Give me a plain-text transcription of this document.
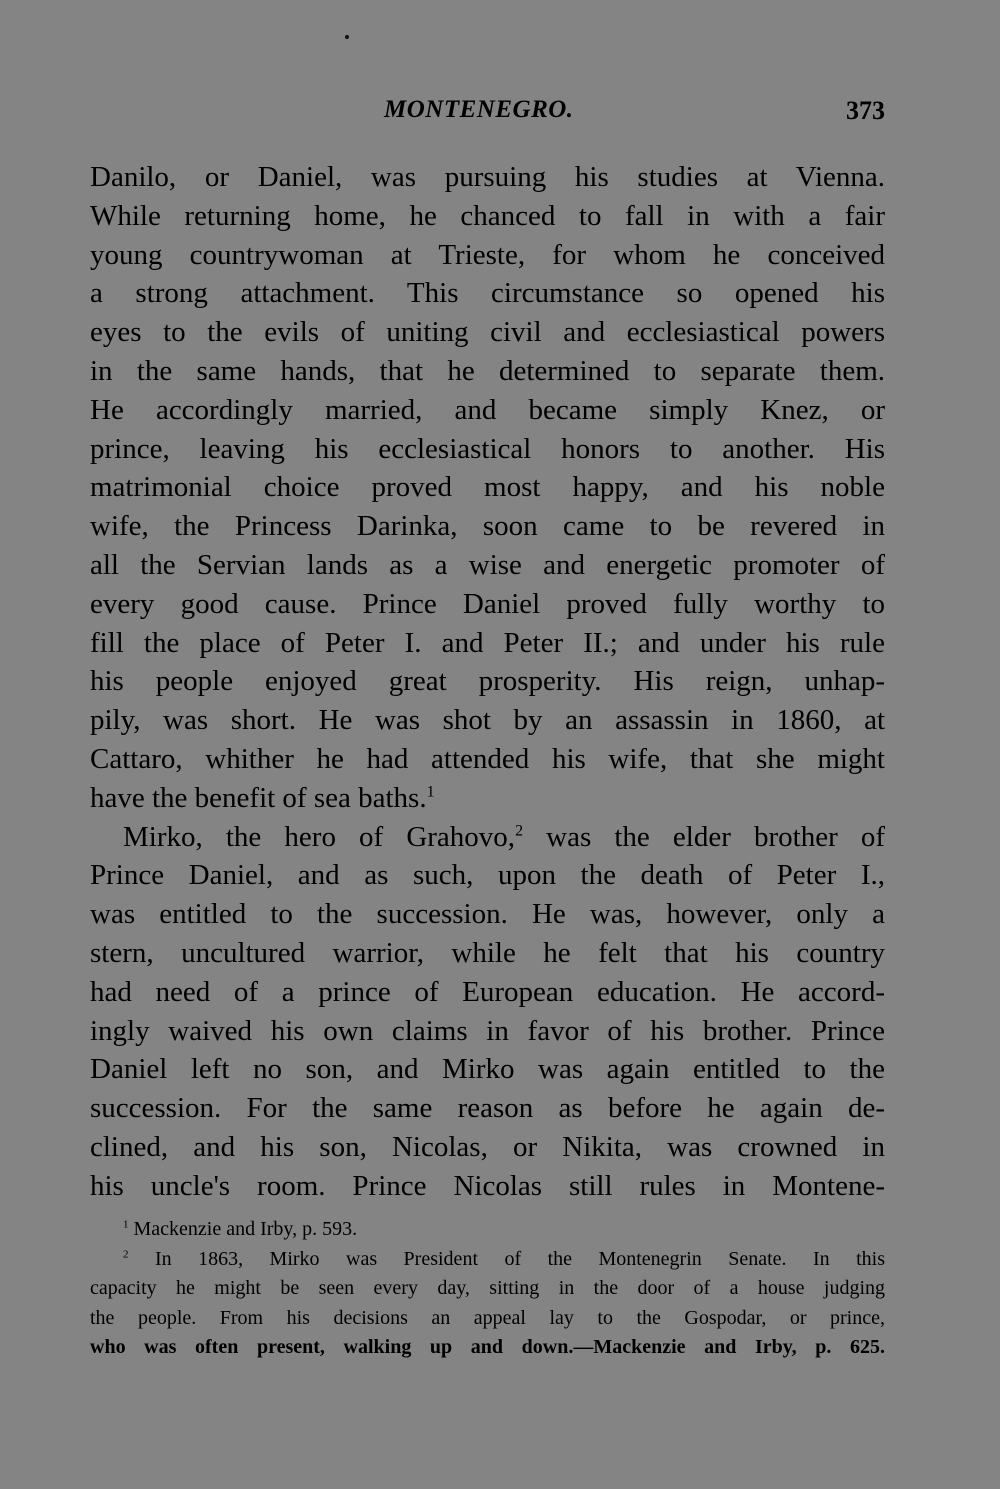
MONTENEGRO.	373
Danilo, or Daniel, was pursuing his studies at Vienna.
While returning home, he chanced to fall in with a fair
young countrywoman at Trieste, for whom he conceived
a strong attachment. This circumstance so opened his
eyes to the evils of uniting civil and ecclesiastical powers
in the same hands, that he determined to separate them.
He accordingly married, and became simply Knez, or
prince, leaving his ecclesiastical honors to another. His
matrimonial choice proved most happy, and his noble
wife, the Princess Darinka, soon came to be revered in
all the Servian lands as a wise and energetic promoter of
every good cause. Prince Daniel proved fully worthy to
fill the place of Peter I. and Peter II.; and under his rule
his people enjoyed great prosperity. His reign, unhap-
pily, was short. He was shot by an assassin in 1860, at
Cattaro, whither he had attended his wife, that she might
have the benefit of sea baths.$^1$
Mirko, the hero of Grahovo,$^2$ was the elder brother of
Prince Daniel, and as such, upon the death of Peter I.,
was entitled to the succession. He was, however, only a
stern, uncultured warrior, while he felt that his country
had need of a prince of European education. He accord-
ingly waived his own claims in favor of his brother. Prince
Daniel left no son, and Mirko was again entitled to the
succession. For the same reason as before he again de-
clined, and his son, Nicolas, or Nikita, was crowned in
his uncle's room. Prince Nicolas still rules in Montene-
$^1$ Mackenzie and Irby, p. 593.
$^2$ In 1863, Mirko was President of the Montenegrin Senate. In this
capacity he might be seen every day, sitting in the door of a house judging
the people. From his decisions an appeal lay to the Gospodar, or prince,
who was often present, walking up and down.—Mackenzie and Irby, p. 625.
